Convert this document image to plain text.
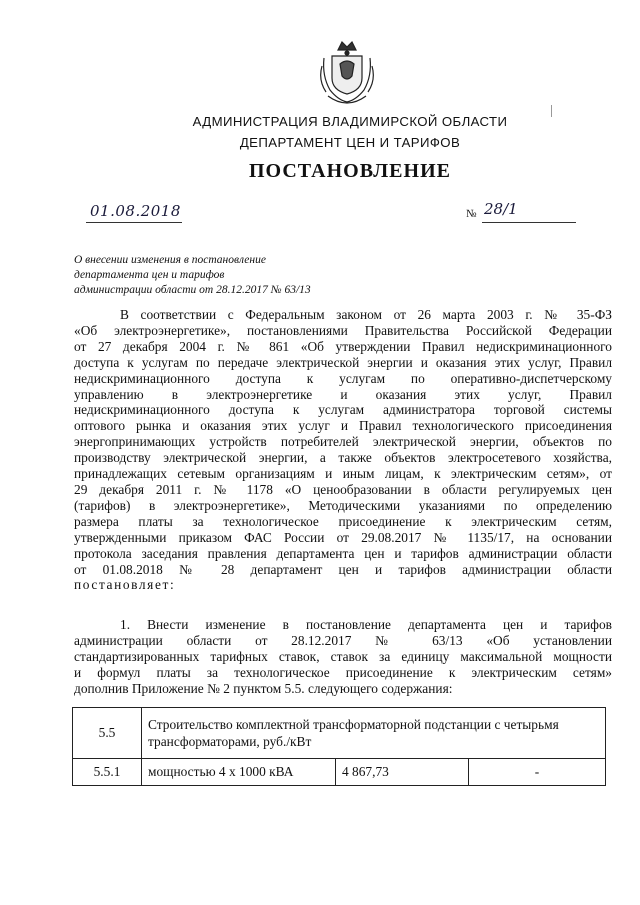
АДМИНИСТРАЦИЯ ВЛАДИМИРСКОЙ ОБЛАСТИ
ДЕПАРТАМЕНТ ЦЕН И ТАРИФОВ
ПОСТАНОВЛЕНИЕ
01.08.2018	№ 28/1
О внесении изменения в постановление
департамента цен и тарифов
администрации области от 28.12.2017 № 63/13
В соответствии с Федеральным законом от 26 марта 2003 г. № 35-ФЗ
«Об электроэнергетике», постановлениями Правительства Российской Федерации
от 27 декабря 2004 г. № 861 «Об утверждении Правил недискриминационного
доступа к услугам по передаче электрической энергии и оказания этих услуг, Правил
недискриминационного доступа к услугам по оперативно-диспетчерскому
управлению в электроэнергетике и оказания этих услуг, Правил
недискриминационного доступа к услугам администратора торговой системы
оптового рынка и оказания этих услуг и Правил технологического присоединения
энергопринимающих устройств потребителей электрической энергии, объектов по
производству электрической энергии, а также объектов электросетевого хозяйства,
принадлежащих сетевым организациям и иным лицам, к электрическим сетям», от
29 декабря 2011 г. № 1178 «О ценообразовании в области регулируемых цен
(тарифов) в электроэнергетике», Методическими указаниями по определению
размера платы за технологическое присоединение к электрическим сетям,
утвержденными приказом ФАС России от 29.08.2017 № 1135/17, на основании
протокола заседания правления департамента цен и тарифов администрации области
от 01.08.2018 № 28 департамент цен и тарифов администрации области
постановляет:
1. Внести изменение в постановление департамента цен и тарифов
администрации области от 28.12.2017 № 63/13 «Об установлении
стандартизированных тарифных ставок, ставок за единицу максимальной мощности
и формул платы за технологическое присоединение к электрическим сетям»
дополнив Приложение № 2 пунктом 5.5. следующего содержания:
5.5	Строительство комплектной трансформаторной подстанции с четырьмя трансформаторами, руб./кВт		
5.5.1	мощностью 4 х 1000 кВА	4 867,73	-
